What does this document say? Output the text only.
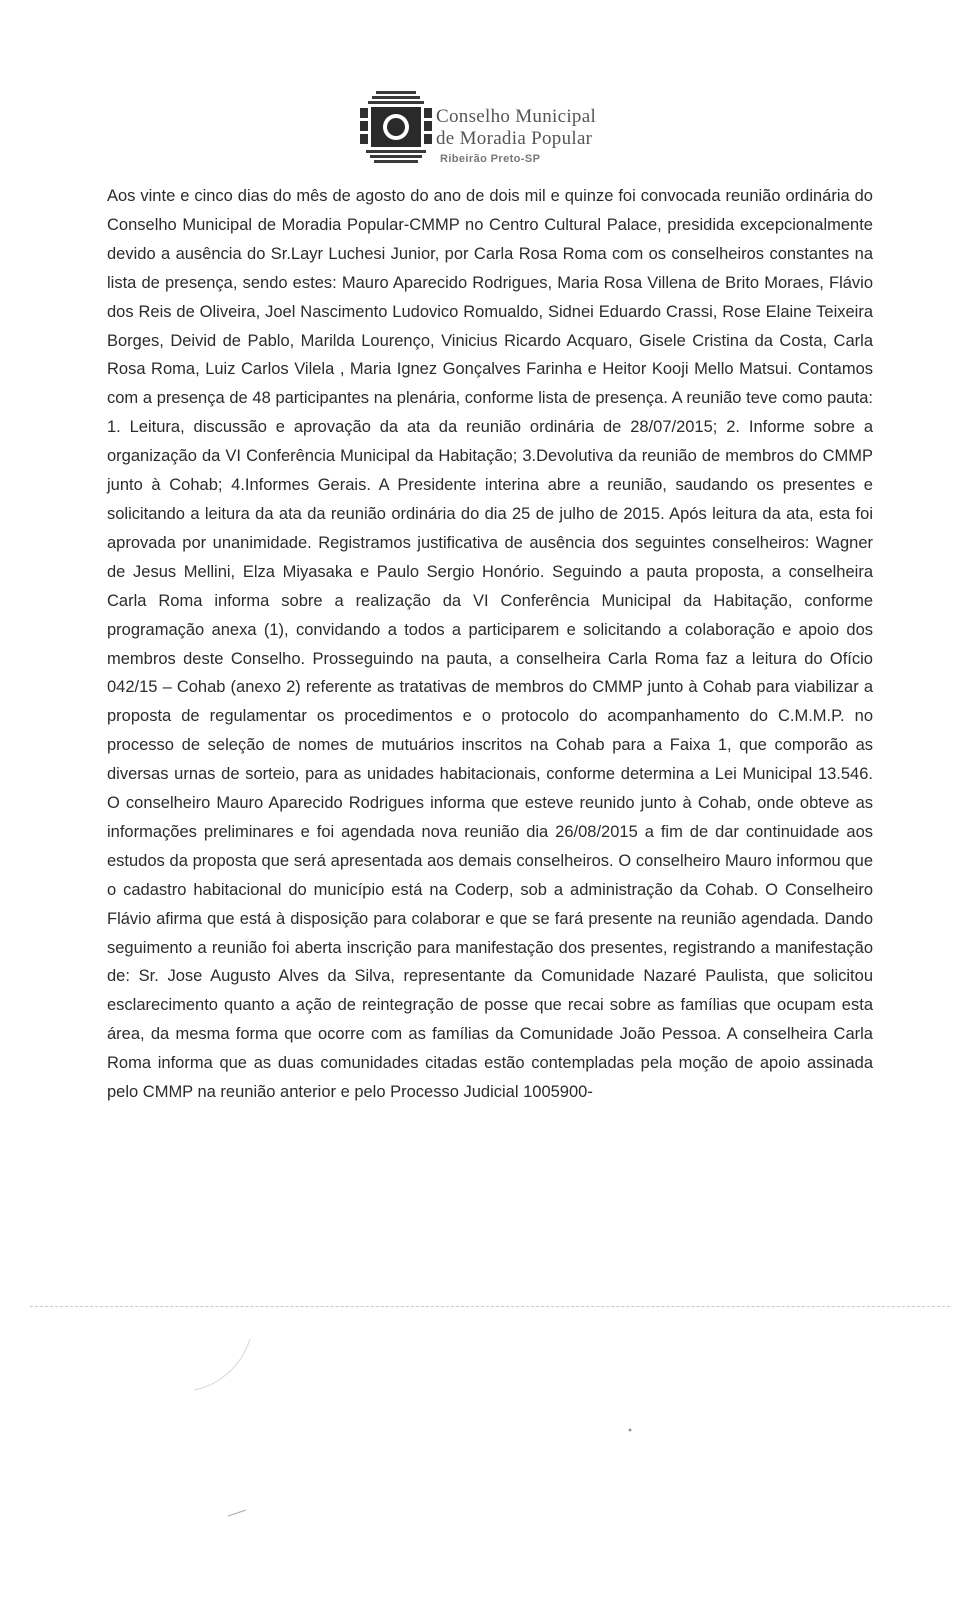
Conselho Municipal
de Moradia Popular
Ribeirão Preto-SP
Aos vinte e cinco dias do mês de agosto do ano de dois mil e quinze foi convocada reunião ordinária do Conselho Municipal de Moradia Popular-CMMP no Centro Cultural Palace, presidida excepcionalmente devido a ausência do Sr.Layr Luchesi Junior, por Carla Rosa Roma com os conselheiros constantes na lista de presença, sendo estes: Mauro Aparecido Rodrigues, Maria Rosa Villena de Brito Moraes, Flávio dos Reis de Oliveira, Joel Nascimento Ludovico Romualdo, Sidnei Eduardo Crassi, Rose Elaine Teixeira Borges, Deivid de Pablo, Marilda Lourenço, Vinicius Ricardo Acquaro, Gisele Cristina da Costa, Carla Rosa Roma, Luiz Carlos Vilela , Maria Ignez Gonçalves Farinha e Heitor Kooji Mello Matsui. Contamos com a presença de 48 participantes na plenária, conforme lista de presença. A reunião teve como pauta: 1. Leitura, discussão e aprovação da ata da reunião ordinária de 28/07/2015; 2. Informe sobre a organização da VI Conferência Municipal da Habitação; 3.Devolutiva da reunião de membros do CMMP junto à Cohab; 4.Informes Gerais. A Presidente interina abre a reunião, saudando os presentes e solicitando a leitura da ata da reunião ordinária do dia 25 de julho de 2015. Após leitura da ata, esta foi aprovada por unanimidade. Registramos justificativa de ausência dos seguintes conselheiros: Wagner de Jesus Mellini, Elza Miyasaka e Paulo Sergio Honório. Seguindo a pauta proposta, a conselheira Carla Roma informa sobre a realização da VI Conferência Municipal da Habitação, conforme programação anexa (1), convidando a todos a participarem e solicitando a colaboração e apoio dos membros deste Conselho. Prosseguindo na pauta, a conselheira Carla Roma faz a leitura do Ofício 042/15 – Cohab (anexo 2) referente as tratativas de membros do CMMP junto à Cohab para viabilizar a proposta de regulamentar os procedimentos e o protocolo do acompanhamento do C.M.M.P. no processo de seleção de nomes de mutuários inscritos na Cohab para a Faixa 1, que comporão as diversas urnas de sorteio, para as unidades habitacionais, conforme determina a Lei Municipal 13.546. O conselheiro Mauro Aparecido Rodrigues informa que esteve reunido junto à Cohab, onde obteve as informações preliminares e foi agendada nova reunião dia 26/08/2015 a fim de dar continuidade aos estudos da proposta que será apresentada aos demais conselheiros. O conselheiro Mauro informou que o cadastro habitacional do município está na Coderp, sob a administração da Cohab. O Conselheiro Flávio afirma que está à disposição para colaborar e que se fará presente na reunião agendada. Dando seguimento a reunião foi aberta inscrição para manifestação dos presentes, registrando a manifestação de: Sr. Jose Augusto Alves da Silva, representante da Comunidade Nazaré Paulista, que solicitou esclarecimento quanto a ação de reintegração de posse que recai sobre as famílias que ocupam esta área, da mesma forma que ocorre com as famílias da Comunidade João Pessoa. A conselheira Carla Roma informa que as duas comunidades citadas estão contempladas pela moção de apoio assinada pelo CMMP na reunião anterior e pelo Processo Judicial 1005900-
